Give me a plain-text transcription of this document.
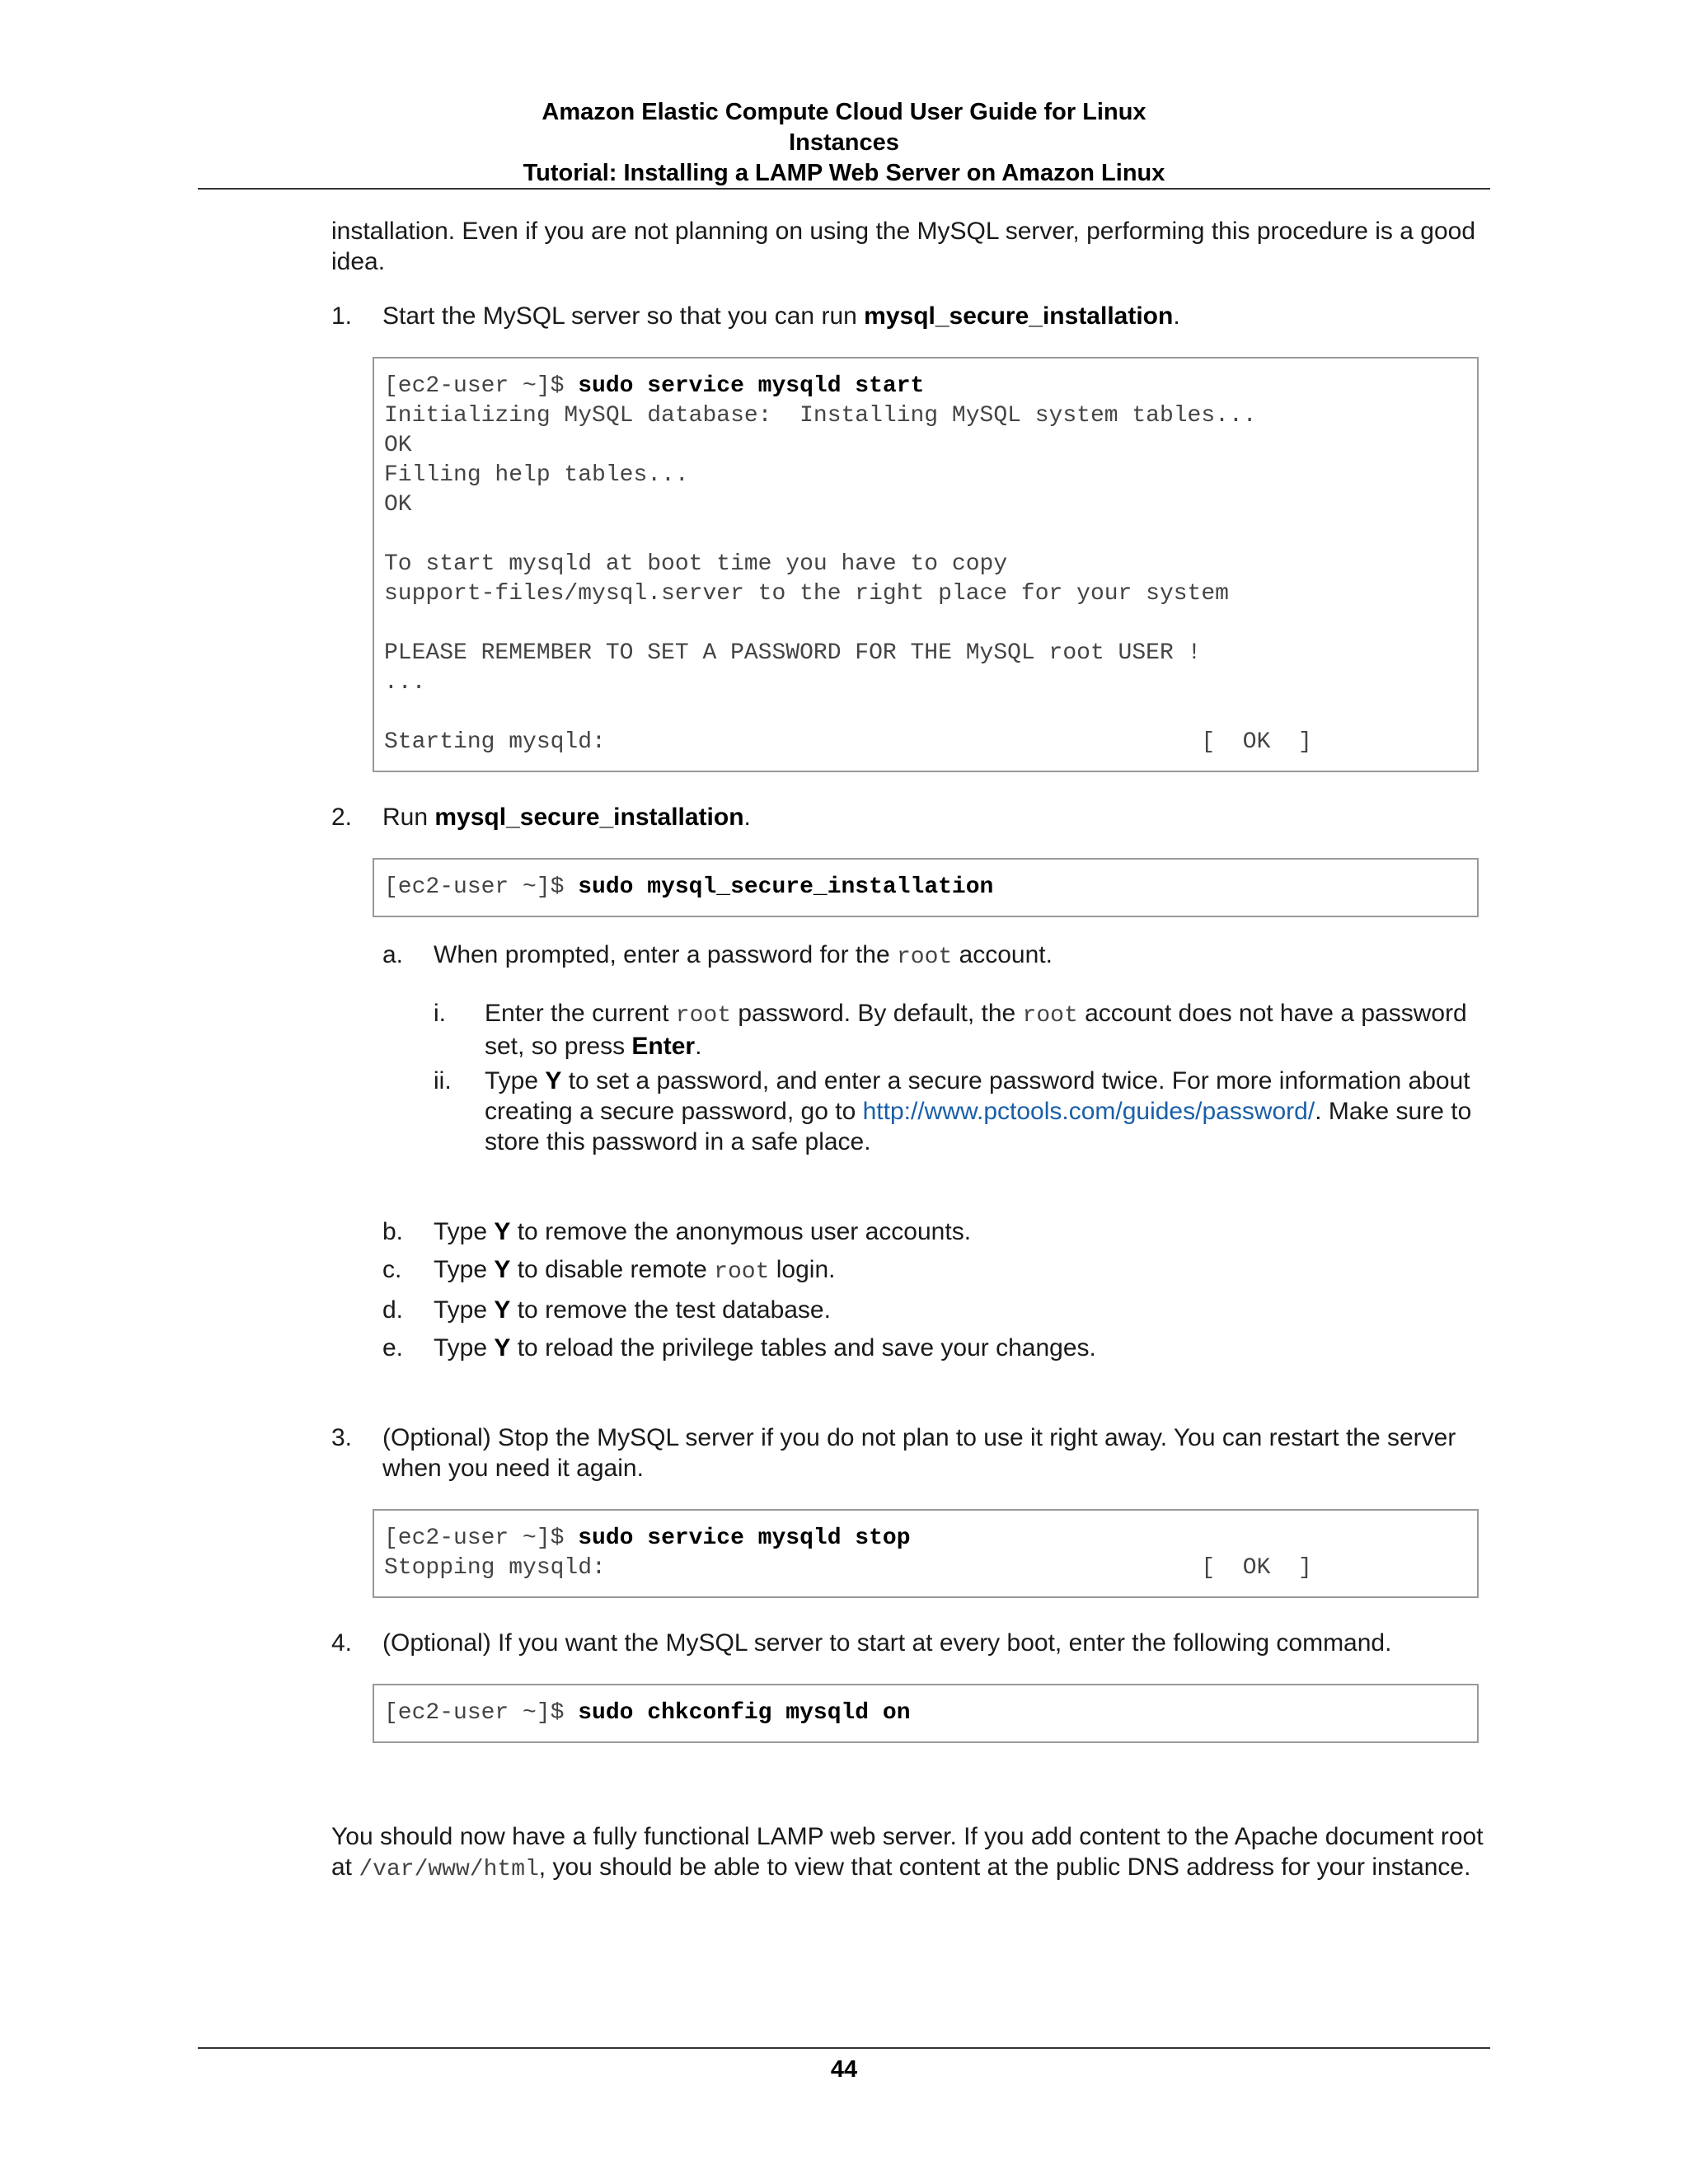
Amazon Elastic Compute Cloud User Guide for Linux
Instances
Tutorial: Installing a LAMP Web Server on Amazon Linux

installation. Even if you are not planning on using the MySQL server, performing this procedure is a good idea.

1. Start the MySQL server so that you can run mysql_secure_installation.

[ec2-user ~]$ sudo service mysqld start
Initializing MySQL database:  Installing MySQL system tables...
OK
Filling help tables...
OK

To start mysqld at boot time you have to copy
support-files/mysql.server to the right place for your system

PLEASE REMEMBER TO SET A PASSWORD FOR THE MySQL root USER !
...

Starting mysqld:                                           [  OK  ]
2. Run mysql_secure_installation.

[ec2-user ~]$ sudo mysql_secure_installation
a. When prompted, enter a password for the root account.

i. Enter the current root password. By default, the root account does not have a password set, so press Enter.

ii. Type Y to set a password, and enter a secure password twice. For more information about creating a secure password, go to http://www.pctools.com/guides/password/. Make sure to store this password in a safe place.

b. Type Y to remove the anonymous user accounts.

c. Type Y to disable remote root login.

d. Type Y to remove the test database.

e. Type Y to reload the privilege tables and save your changes.

3. (Optional) Stop the MySQL server if you do not plan to use it right away. You can restart the server when you need it again.

[ec2-user ~]$ sudo service mysqld stop
Stopping mysqld:                                           [  OK  ]
4. (Optional) If you want the MySQL server to start at every boot, enter the following command.

[ec2-user ~]$ sudo chkconfig mysqld on

You should now have a fully functional LAMP web server. If you add content to the Apache document root at /var/www/html, you should be able to view that content at the public DNS address for your instance.

44
